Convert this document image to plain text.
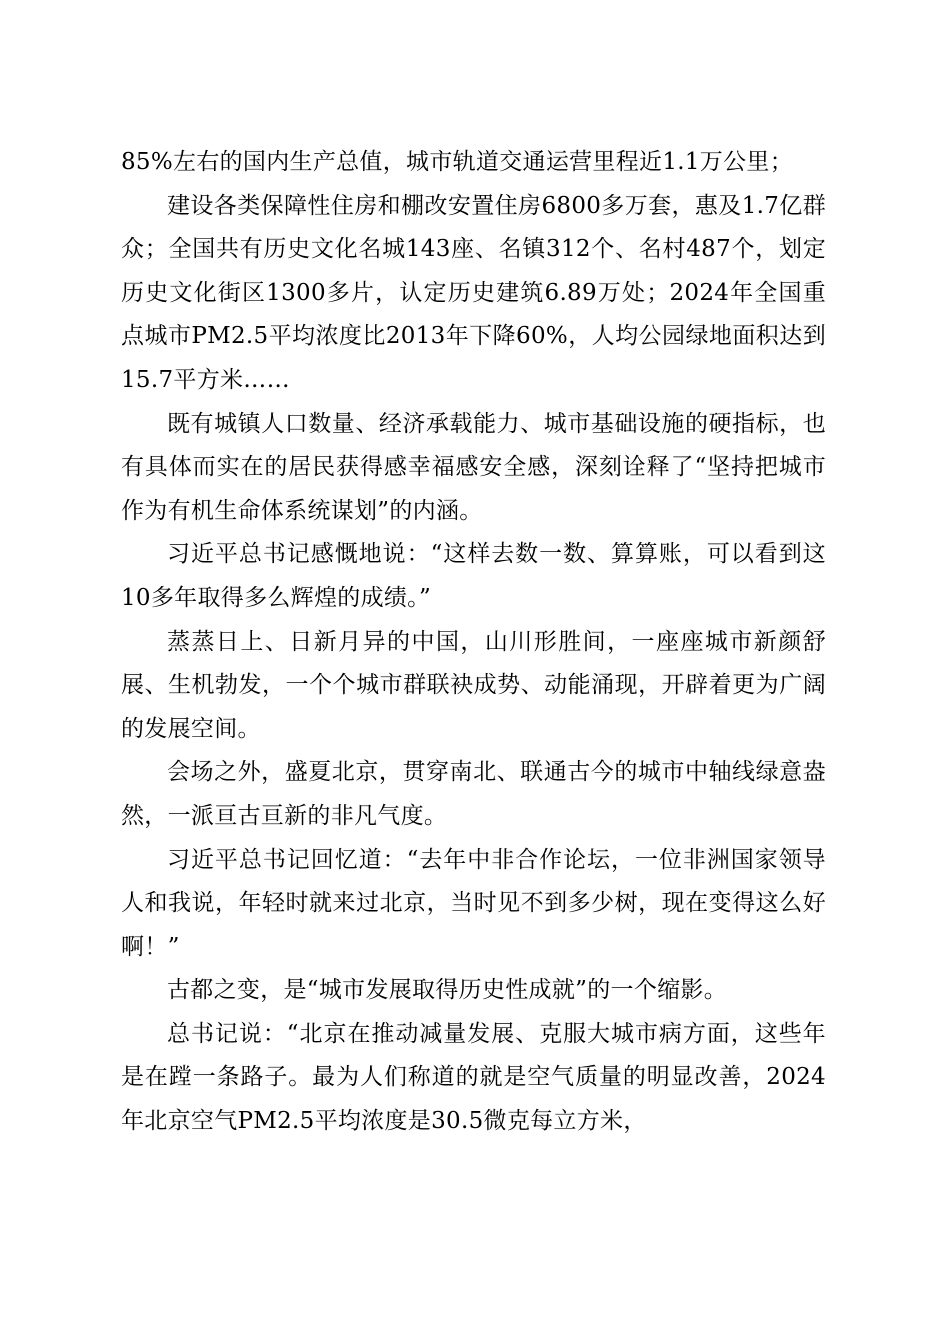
85%左右的国内生产总值，城市轨道交通运营里程近1.1万公里；

建设各类保障性住房和棚改安置住房6800多万套，惠及1.7亿群众；全国共有历史文化名城143座、名镇312个、名村487个，划定历史文化街区1300多片，认定历史建筑6.89万处；2024年全国重点城市PM2.5平均浓度比2013年下降60%，人均公园绿地面积达到15.7平方米……

既有城镇人口数量、经济承载能力、城市基础设施的硬指标，也有具体而实在的居民获得感幸福感安全感，深刻诠释了“坚持把城市作为有机生命体系统谋划”的内涵。

习近平总书记感慨地说：“这样去数一数、算算账，可以看到这10多年取得多么辉煌的成绩。”

蒸蒸日上、日新月异的中国，山川形胜间，一座座城市新颜舒展、生机勃发，一个个城市群联袂成势、动能涌现，开辟着更为广阔的发展空间。

会场之外，盛夏北京，贯穿南北、联通古今的城市中轴线绿意盎然，一派亘古亘新的非凡气度。

习近平总书记回忆道：“去年中非合作论坛，一位非洲国家领导人和我说，年轻时就来过北京，当时见不到多少树，现在变得这么好啊！”

古都之变，是“城市发展取得历史性成就”的一个缩影。

总书记说：“北京在推动减量发展、克服大城市病方面，这些年是在蹚一条路子。最为人们称道的就是空气质量的明显改善，2024年北京空气PM2.5平均浓度是30.5微克每立方米，
